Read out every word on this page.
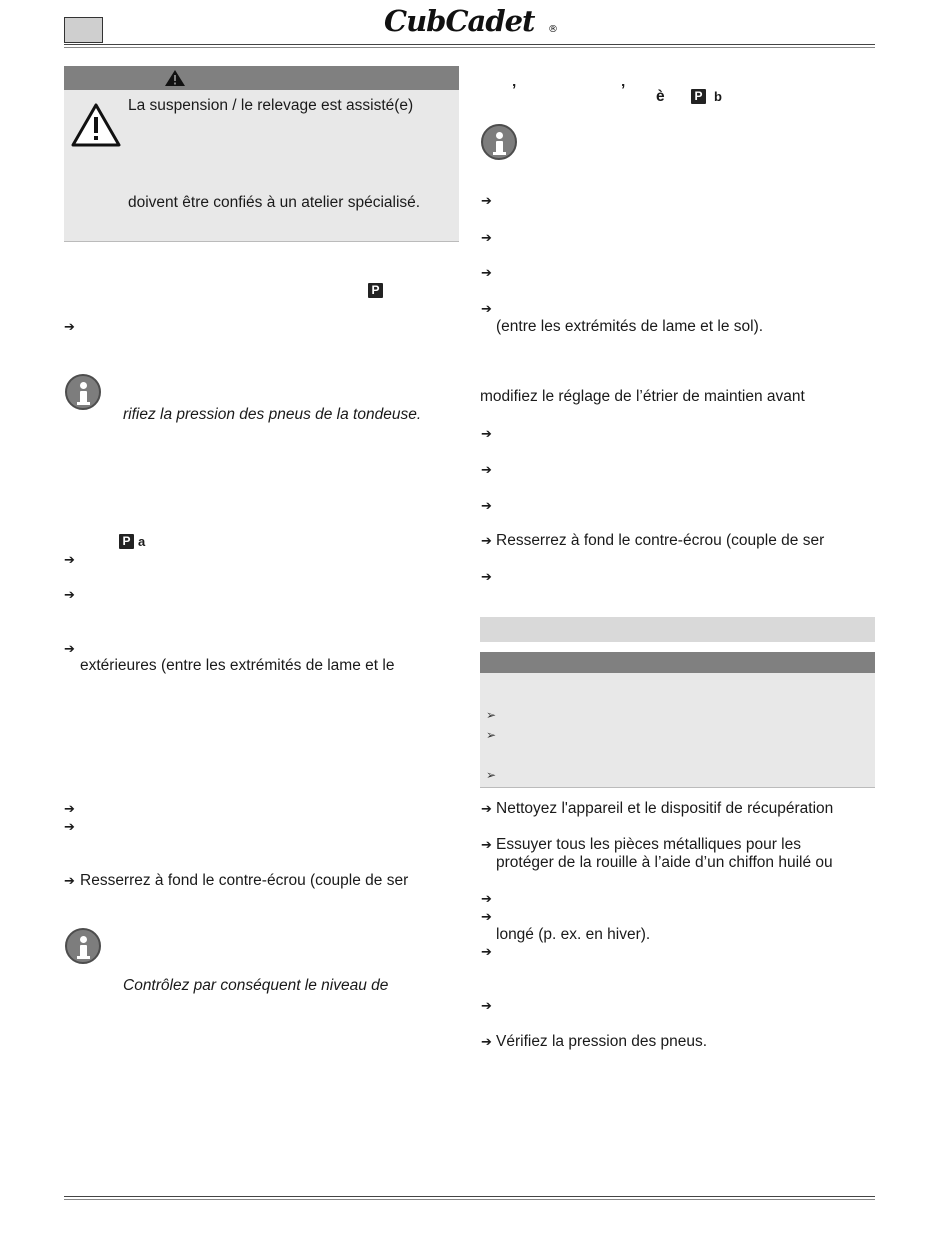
CubCadet ®
La suspension / le relevage est assisté(e)
doivent être confiés à un atelier spécialisé.
P
➔
rifiez la pression des pneus de la tondeuse.
P a
➔
➔
➔
extérieures (entre les extrémités de lame et le
➔
➔
➔ Resserrez à fond le contre-écrou (couple de ser
Contrôlez par conséquent le niveau de
’	’ è P b
➔
➔
➔
➔
(entre les extrémités de lame et le sol).
modifiez le réglage de l’étrier de maintien avant
➔
➔
➔
➔ Resserrez à fond le contre-écrou (couple de ser
➔
➢
➢
➢
➔ Nettoyez l'appareil et le dispositif de récupération
➔ Essuyer tous les pièces métalliques pour les
protéger de la rouille à l’aide d’un chiffon huilé ou
➔
➔
longé (p. ex. en hiver).
➔
➔
➔ Vérifiez la pression des pneus.
